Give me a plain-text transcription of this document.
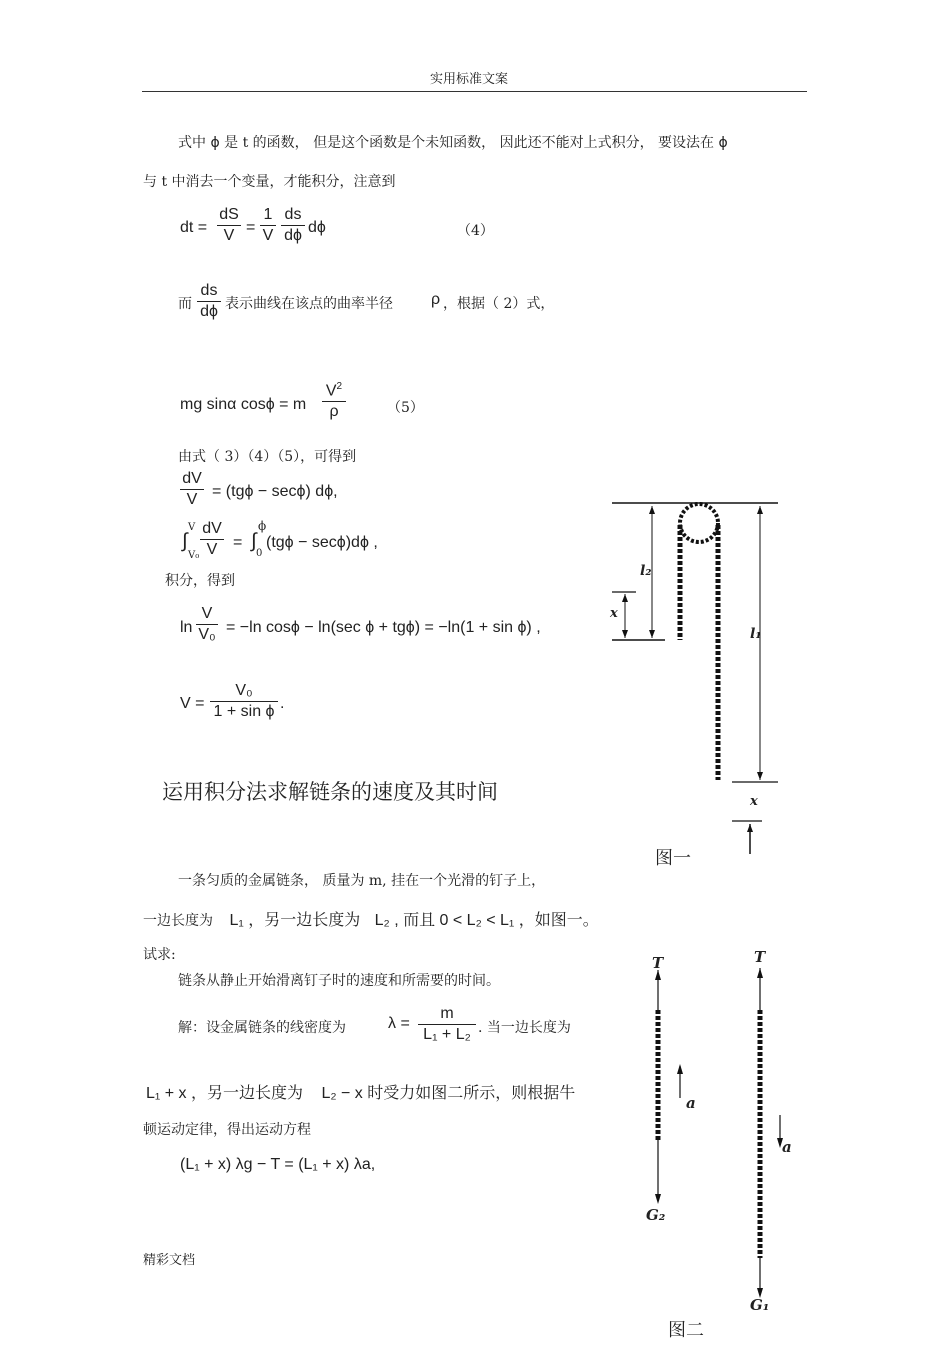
实用标准文案
式中 ϕ 是 t 的函数， 但是这个函数是个未知函数， 因此还不能对上式积分， 要设法在 ϕ
与 t 中消去一个变量，才能积分，注意到
dt =
dS
V =
1
V
ds
dϕ dϕ	（4）
而
ds
dϕ 表示曲线在该点的曲率半径 ρ ，根据（ 2）式，
mg sinα cosϕ = m
$V^2$
ρ	（5）
由式（ 3）（4）（5），可得到
dV
V = (tgϕ − secϕ) dϕ,
∫
V
V₀
dV
V = ∫
ϕ
0
(tgϕ − secϕ)dϕ ,
积分，得到
ln
V
V₀ = −ln cosϕ − ln(sec ϕ + tgϕ) = −ln(1 + sin ϕ) ,
V =
V₀
1 + sin ϕ .
运用积分法求解链条的速度及其时间
一条匀质的金属链条， 质量为 m, 挂在一个光滑的钉子上，
一边长度为 L₁ ，另一边长度为 L₂ , 而且 0 < L₂ < L₁ ，如图一。
试求:
链条从静止开始滑离钉子时的速度和所需要的时间。
解：设金属链条的线密度为	λ =
m
L₁ + L₂ . 当一边长度为
L₁ + x ，另一边长度为 L₂ − x 时受力如图二所示，则根据牛
顿运动定律，得出运动方程
(L₁ + x) λg − T = (L₁ + x) λa,
l₂
x
l₁
x
图一
T	T
a
a
G₂
G₁
图二
精彩文档
